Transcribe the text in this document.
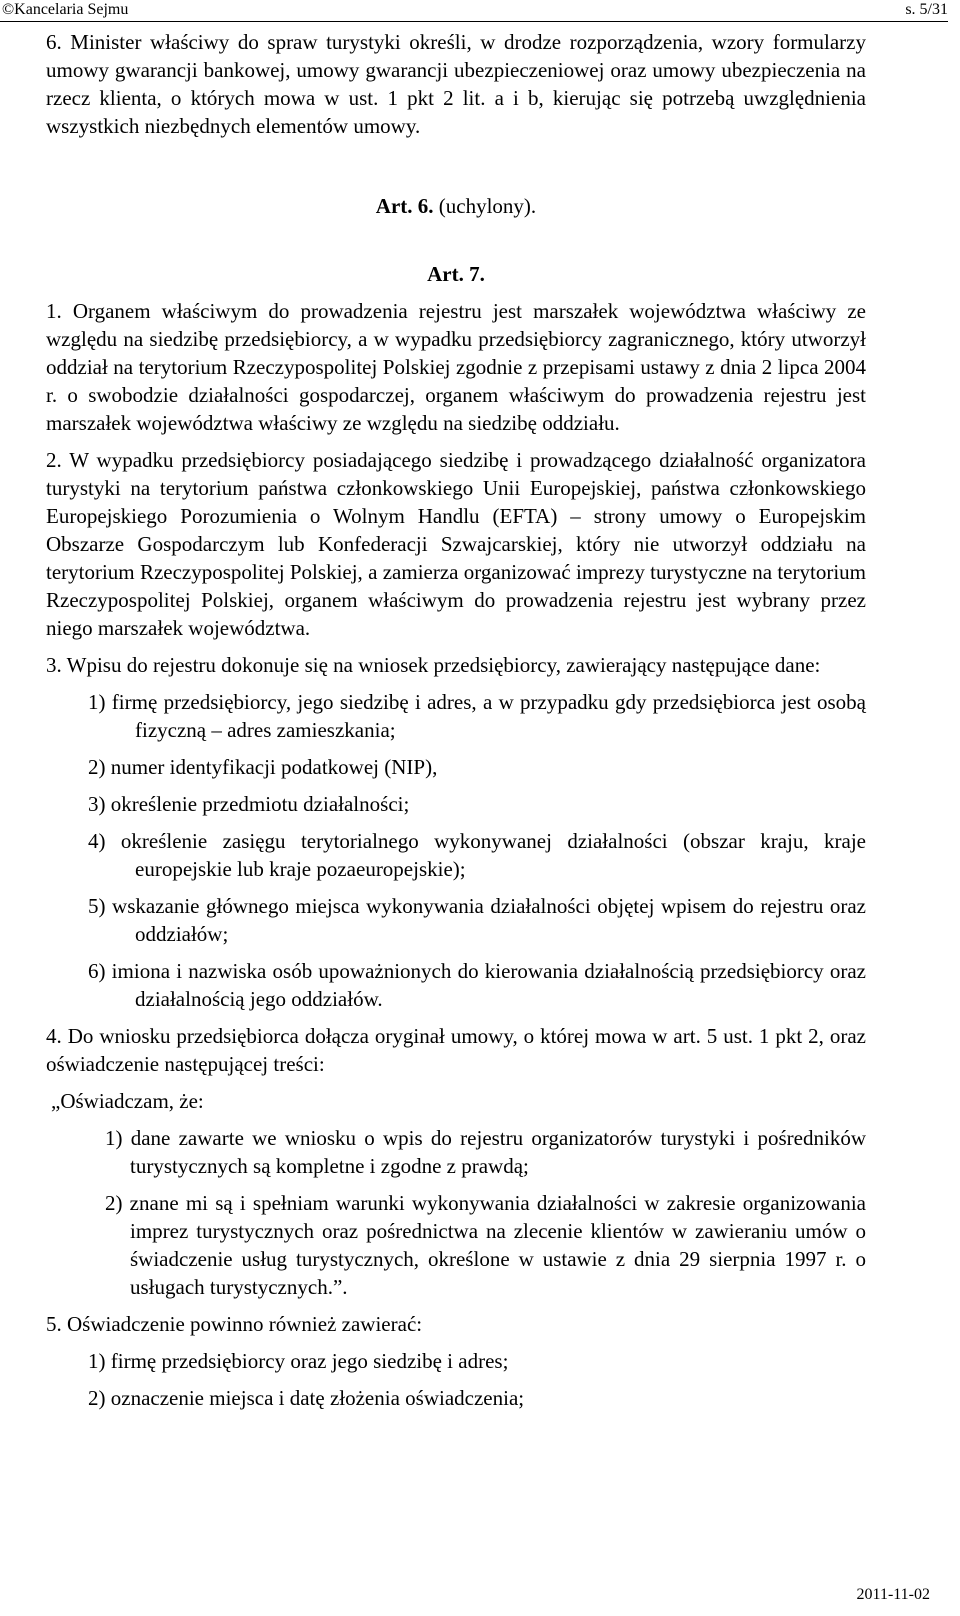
©Kancelaria Sejmu	s. 5/31

6. Minister właściwy do spraw turystyki określi, w drodze rozporządzenia, wzory formularzy umowy gwarancji bankowej, umowy gwarancji ubezpieczeniowej oraz umowy ubezpieczenia na rzecz klienta, o których mowa w ust. 1 pkt 2 lit. a i b, kierując się potrzebą uwzględnienia wszystkich niezbędnych elementów umowy.

Art. 6. (uchylony).

Art. 7.

1. Organem właściwym do prowadzenia rejestru jest marszałek województwa właściwy ze względu na siedzibę przedsiębiorcy, a w wypadku przedsiębiorcy zagranicznego, który utworzył oddział na terytorium Rzeczypospolitej Polskiej zgodnie z przepisami ustawy z dnia 2 lipca 2004 r. o swobodzie działalności gospodarczej, organem właściwym do prowadzenia rejestru jest marszałek województwa właściwy ze względu na siedzibę oddziału.

2. W wypadku przedsiębiorcy posiadającego siedzibę i prowadzącego działalność organizatora turystyki na terytorium państwa członkowskiego Unii Europejskiej, państwa członkowskiego Europejskiego Porozumienia o Wolnym Handlu (EFTA) – strony umowy o Europejskim Obszarze Gospodarczym lub Konfederacji Szwajcarskiej, który nie utworzył oddziału na terytorium Rzeczypospolitej Polskiej, a zamierza organizować imprezy turystyczne na terytorium Rzeczypospolitej Polskiej, organem właściwym do prowadzenia rejestru jest wybrany przez niego marszałek województwa.

3. Wpisu do rejestru dokonuje się na wniosek przedsiębiorcy, zawierający następujące dane:

1) firmę przedsiębiorcy, jego siedzibę i adres, a w przypadku gdy przedsiębiorca jest osobą fizyczną – adres zamieszkania;

2) numer identyfikacji podatkowej (NIP),

3) określenie przedmiotu działalności;

4) określenie zasięgu terytorialnego wykonywanej działalności (obszar kraju, kraje europejskie lub kraje pozaeuropejskie);

5) wskazanie głównego miejsca wykonywania działalności objętej wpisem do rejestru oraz oddziałów;

6) imiona i nazwiska osób upoważnionych do kierowania działalnością przedsiębiorcy oraz działalnością jego oddziałów.

4. Do wniosku przedsiębiorca dołącza oryginał umowy, o której mowa w art. 5 ust. 1 pkt 2, oraz oświadczenie następującej treści:

„Oświadczam, że:

1) dane zawarte we wniosku o wpis do rejestru organizatorów turystyki i pośredników turystycznych są kompletne i zgodne z prawdą;

2) znane mi są i spełniam warunki wykonywania działalności w zakresie organizowania imprez turystycznych oraz pośrednictwa na zlecenie klientów w zawieraniu umów o świadczenie usług turystycznych, określone w ustawie z dnia 29 sierpnia 1997 r. o usługach turystycznych.”.

5. Oświadczenie powinno również zawierać:

1) firmę przedsiębiorcy oraz jego siedzibę i adres;

2) oznaczenie miejsca i datę złożenia oświadczenia;

2011-11-02
